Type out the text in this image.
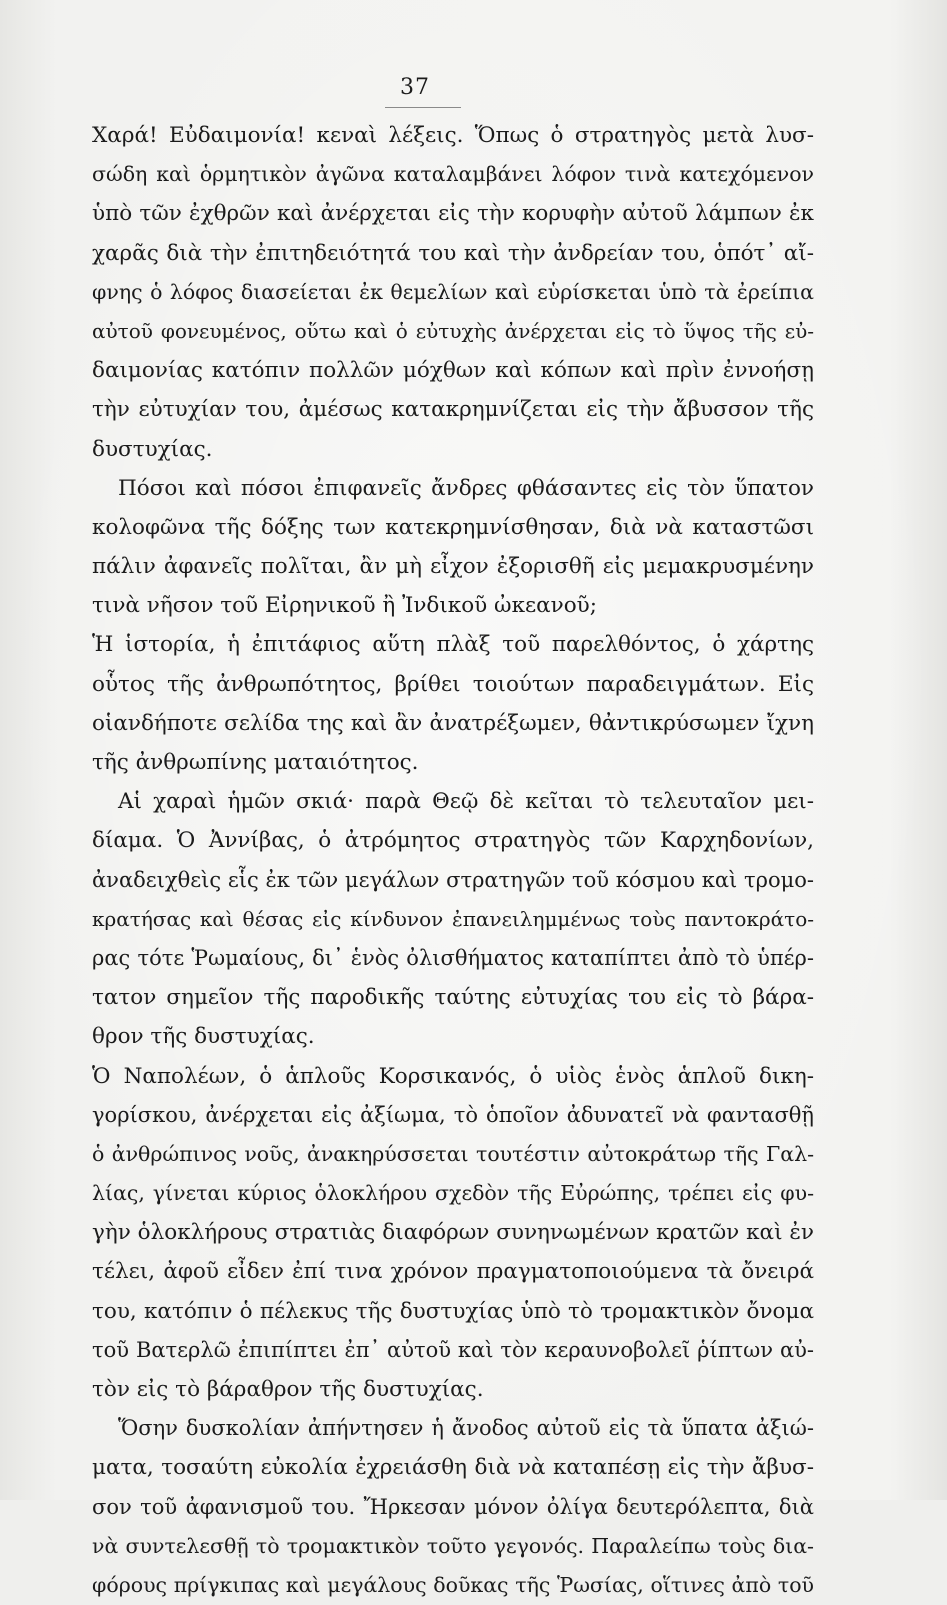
37
Χαρά! Εὐδαιμονία! κεναὶ λέξεις. Ὅπως ὁ στρατηγὸς μετὰ λυσ-
σώδη καὶ ὁρμητικὸν ἀγῶνα καταλαμβάνει λόφον τινὰ κατεχόμενον
ὑπὸ τῶν ἐχθρῶν καὶ ἀνέρχεται εἰς τὴν κορυφὴν αὐτοῦ λάμπων ἐκ
χαρᾶς διὰ τὴν ἐπιτηδειότητά του καὶ τὴν ἀνδρείαν του, ὁπότ᾽ αἴ-
φνης ὁ λόφος διασείεται ἐκ θεμελίων καὶ εὑρίσκεται ὑπὸ τὰ ἐρείπια
αὐτοῦ φονευμένος, οὕτω καὶ ὁ εὐτυχὴς ἀνέρχεται εἰς τὸ ὕψος τῆς εὐ-
δαιμονίας κατόπιν πολλῶν μόχθων καὶ κόπων καὶ πρὶν ἐννοήσῃ
τὴν εὐτυχίαν του, ἀμέσως κατακρημνίζεται εἰς τὴν ἄβυσσον τῆς
δυστυχίας.
Πόσοι καὶ πόσοι ἐπιφανεῖς ἄνδρες φθάσαντες εἰς τὸν ὕπατον
κολοφῶνα τῆς δόξης των κατεκρημνίσθησαν, διὰ νὰ καταστῶσι
πάλιν ἀφανεῖς πολῖται, ἂν μὴ εἶχον ἐξορισθῆ εἰς μεμακρυσμένην
τινὰ νῆσον τοῦ Εἰρηνικοῦ ἢ Ἰνδικοῦ ὠκεανοῦ;
Ἡ ἱστορία, ἡ ἐπιτάφιος αὕτη πλὰξ τοῦ παρελθόντος, ὁ χάρτης
οὗτος τῆς ἀνθρωπότητος, βρίθει τοιούτων παραδειγμάτων. Εἰς
οἱανδήποτε σελίδα της καὶ ἂν ἀνατρέξωμεν, θἀντικρύσωμεν ἴχνη
τῆς ἀνθρωπίνης ματαιότητος.
Αἱ χαραὶ ἡμῶν σκιά· παρὰ Θεῷ δὲ κεῖται τὸ τελευταῖον μει-
δίαμα. Ὁ Ἀννίβας, ὁ ἀτρόμητος στρατηγὸς τῶν Καρχηδονίων,
ἀναδειχθεὶς εἷς ἐκ τῶν μεγάλων στρατηγῶν τοῦ κόσμου καὶ τρομο-
κρατήσας καὶ θέσας εἰς κίνδυνον ἐπανειλημμένως τοὺς παντοκράτο-
ρας τότε Ῥωμαίους, δι᾽ ἑνὸς ὀλισθήματος καταπίπτει ἀπὸ τὸ ὑπέρ-
τατον σημεῖον τῆς παροδικῆς ταύτης εὐτυχίας του εἰς τὸ βάρα-
θρον τῆς δυστυχίας.
Ὁ Ναπολέων, ὁ ἁπλοῦς Κορσικανός, ὁ υἱὸς ἑνὸς ἁπλοῦ δικη-
γορίσκου, ἀνέρχεται εἰς ἀξίωμα, τὸ ὁποῖον ἀδυνατεῖ νὰ φαντασθῇ
ὁ ἀνθρώπινος νοῦς, ἀνακηρύσσεται τουτέστιν αὐτοκράτωρ τῆς Γαλ-
λίας, γίνεται κύριος ὁλοκλήρου σχεδὸν τῆς Εὐρώπης, τρέπει εἰς φυ-
γὴν ὁλοκλήρους στρατιὰς διαφόρων συνηνωμένων κρατῶν καὶ ἐν
τέλει, ἀφοῦ εἶδεν ἐπί τινα χρόνον πραγματοποιούμενα τὰ ὄνειρά
του, κατόπιν ὁ πέλεκυς τῆς δυστυχίας ὑπὸ τὸ τρομακτικὸν ὄνομα
τοῦ Βατερλῶ ἐπιπίπτει ἐπ᾽ αὐτοῦ καὶ τὸν κεραυνοβολεῖ ῥίπτων αὐ-
τὸν εἰς τὸ βάραθρον τῆς δυστυχίας.
Ὅσην δυσκολίαν ἀπήντησεν ἡ ἄνοδος αὐτοῦ εἰς τὰ ὕπατα ἀξιώ-
ματα, τοσαύτη εὐκολία ἐχρειάσθη διὰ νὰ καταπέσῃ εἰς τὴν ἄβυσ-
σον τοῦ ἀφανισμοῦ του. Ἤρκεσαν μόνον ὀλίγα δευτερόλεπτα, διὰ
νὰ συντελεσθῇ τὸ τρομακτικὸν τοῦτο γεγονός. Παραλείπω τοὺς δια-
φόρους πρίγκιπας καὶ μεγάλους δοῦκας τῆς Ῥωσίας, οἵτινες ἀπὸ τοῦ
